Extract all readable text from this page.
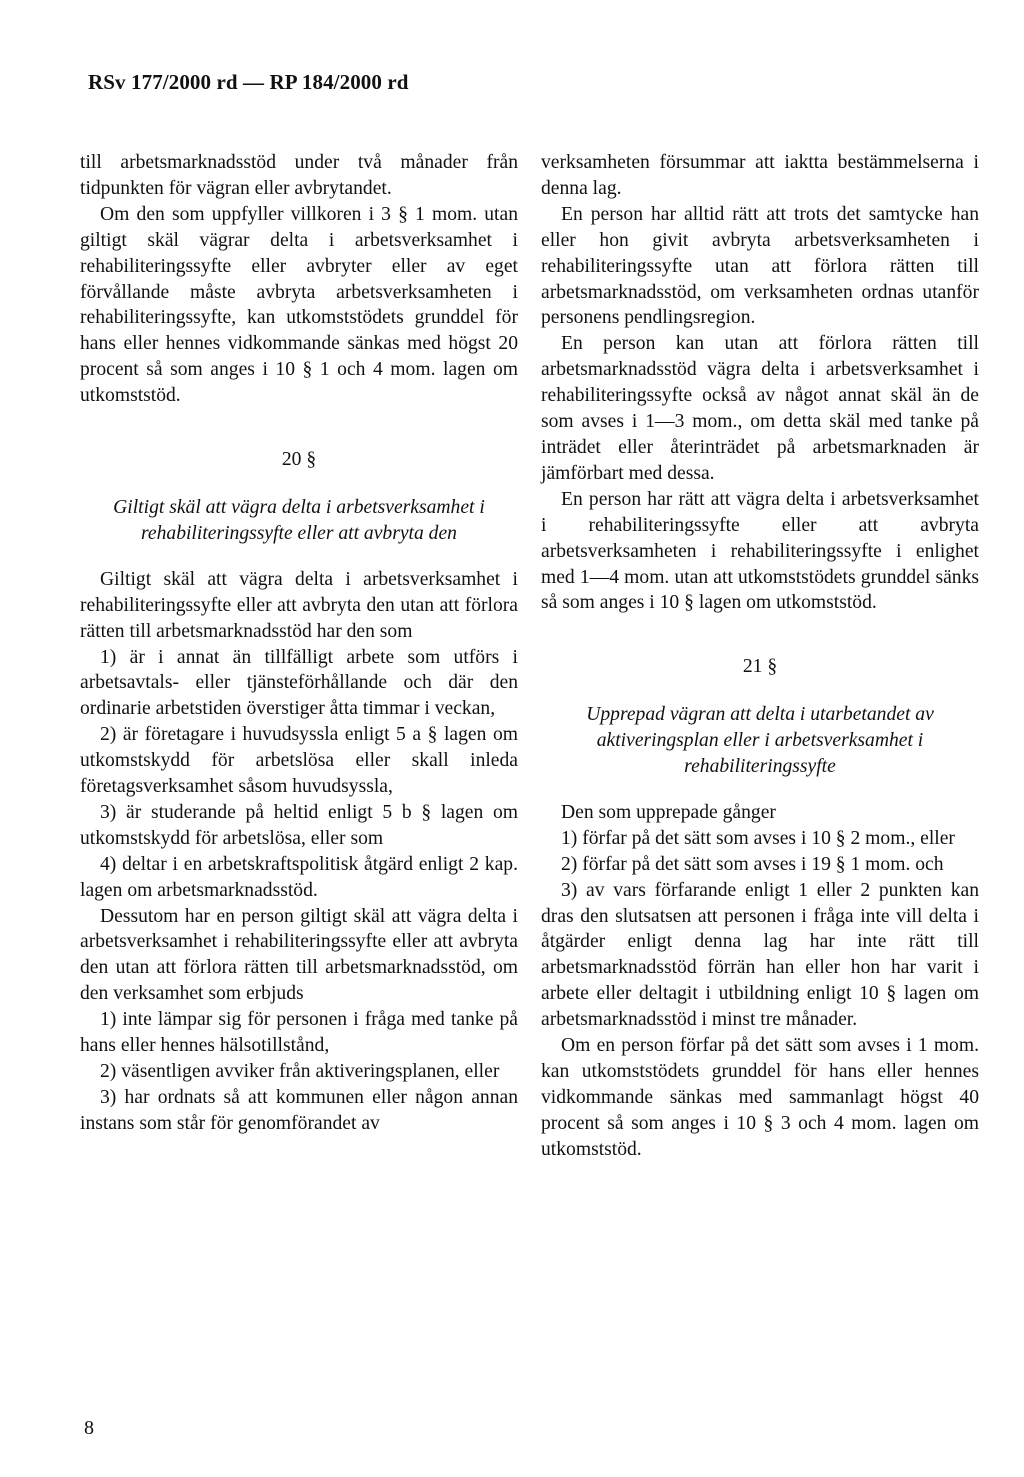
RSv 177/2000 rd — RP 184/2000 rd

till arbetsmarknadsstöd under två månader från tidpunkten för vägran eller avbrytandet.

Om den som uppfyller villkoren i 3 § 1 mom. utan giltigt skäl vägrar delta i arbetsverksamhet i rehabiliteringssyfte eller avbryter eller av eget förvållande måste avbryta arbetsverksamheten i rehabiliteringssyfte, kan utkomststödets grunddel för hans eller hennes vidkommande sänkas med högst 20 procent så som anges i 10 § 1 och 4 mom. lagen om utkomststöd.

20 §

Giltigt skäl att vägra delta i arbetsverksamhet i rehabiliteringssyfte eller att avbryta den

Giltigt skäl att vägra delta i arbetsverksamhet i rehabiliteringssyfte eller att avbryta den utan att förlora rätten till arbetsmarknadsstöd har den som

1) är i annat än tillfälligt arbete som utförs i arbetsavtals- eller tjänsteförhållande och där den ordinarie arbetstiden överstiger åtta timmar i veckan,

2) är företagare i huvudsyssla enligt 5 a § lagen om utkomstskydd för arbetslösa eller skall inleda företagsverksamhet såsom huvudsyssla,

3) är studerande på heltid enligt 5 b § lagen om utkomstskydd för arbetslösa, eller som

4) deltar i en arbetskraftspolitisk åtgärd enligt 2 kap. lagen om arbetsmarknadsstöd.

Dessutom har en person giltigt skäl att vägra delta i arbetsverksamhet i rehabiliteringssyfte eller att avbryta den utan att förlora rätten till arbetsmarknadsstöd, om den verksamhet som erbjuds

1) inte lämpar sig för personen i fråga med tanke på hans eller hennes hälsotillstånd,

2) väsentligen avviker från aktiveringsplanen, eller

3) har ordnats så att kommunen eller någon annan instans som står för genomförandet av

verksamheten försummar att iaktta bestämmelserna i denna lag.

En person har alltid rätt att trots det samtycke han eller hon givit avbryta arbetsverksamheten i rehabiliteringssyfte utan att förlora rätten till arbetsmarknadsstöd, om verksamheten ordnas utanför personens pendlingsregion.

En person kan utan att förlora rätten till arbetsmarknadsstöd vägra delta i arbetsverksamhet i rehabiliteringssyfte också av något annat skäl än de som avses i 1—3 mom., om detta skäl med tanke på inträdet eller återinträdet på arbetsmarknaden är jämförbart med dessa.

En person har rätt att vägra delta i arbetsverksamhet i rehabiliteringssyfte eller att avbryta arbetsverksamheten i rehabiliteringssyfte i enlighet med 1—4 mom. utan att utkomststödets grunddel sänks så som anges i 10 § lagen om utkomststöd.

21 §

Upprepad vägran att delta i utarbetandet av aktiveringsplan eller i arbetsverksamhet i rehabiliteringssyfte

Den som upprepade gånger

1) förfar på det sätt som avses i 10 § 2 mom., eller

2) förfar på det sätt som avses i 19 § 1 mom. och

3) av vars förfarande enligt 1 eller 2 punkten kan dras den slutsatsen att personen i fråga inte vill delta i åtgärder enligt denna lag har inte rätt till arbetsmarknadsstöd förrän han eller hon har varit i arbete eller deltagit i utbildning enligt 10 § lagen om arbetsmarknadsstöd i minst tre månader.

Om en person förfar på det sätt som avses i 1 mom. kan utkomststödets grunddel för hans eller hennes vidkommande sänkas med sammanlagt högst 40 procent så som anges i 10 § 3 och 4 mom. lagen om utkomststöd.

8
